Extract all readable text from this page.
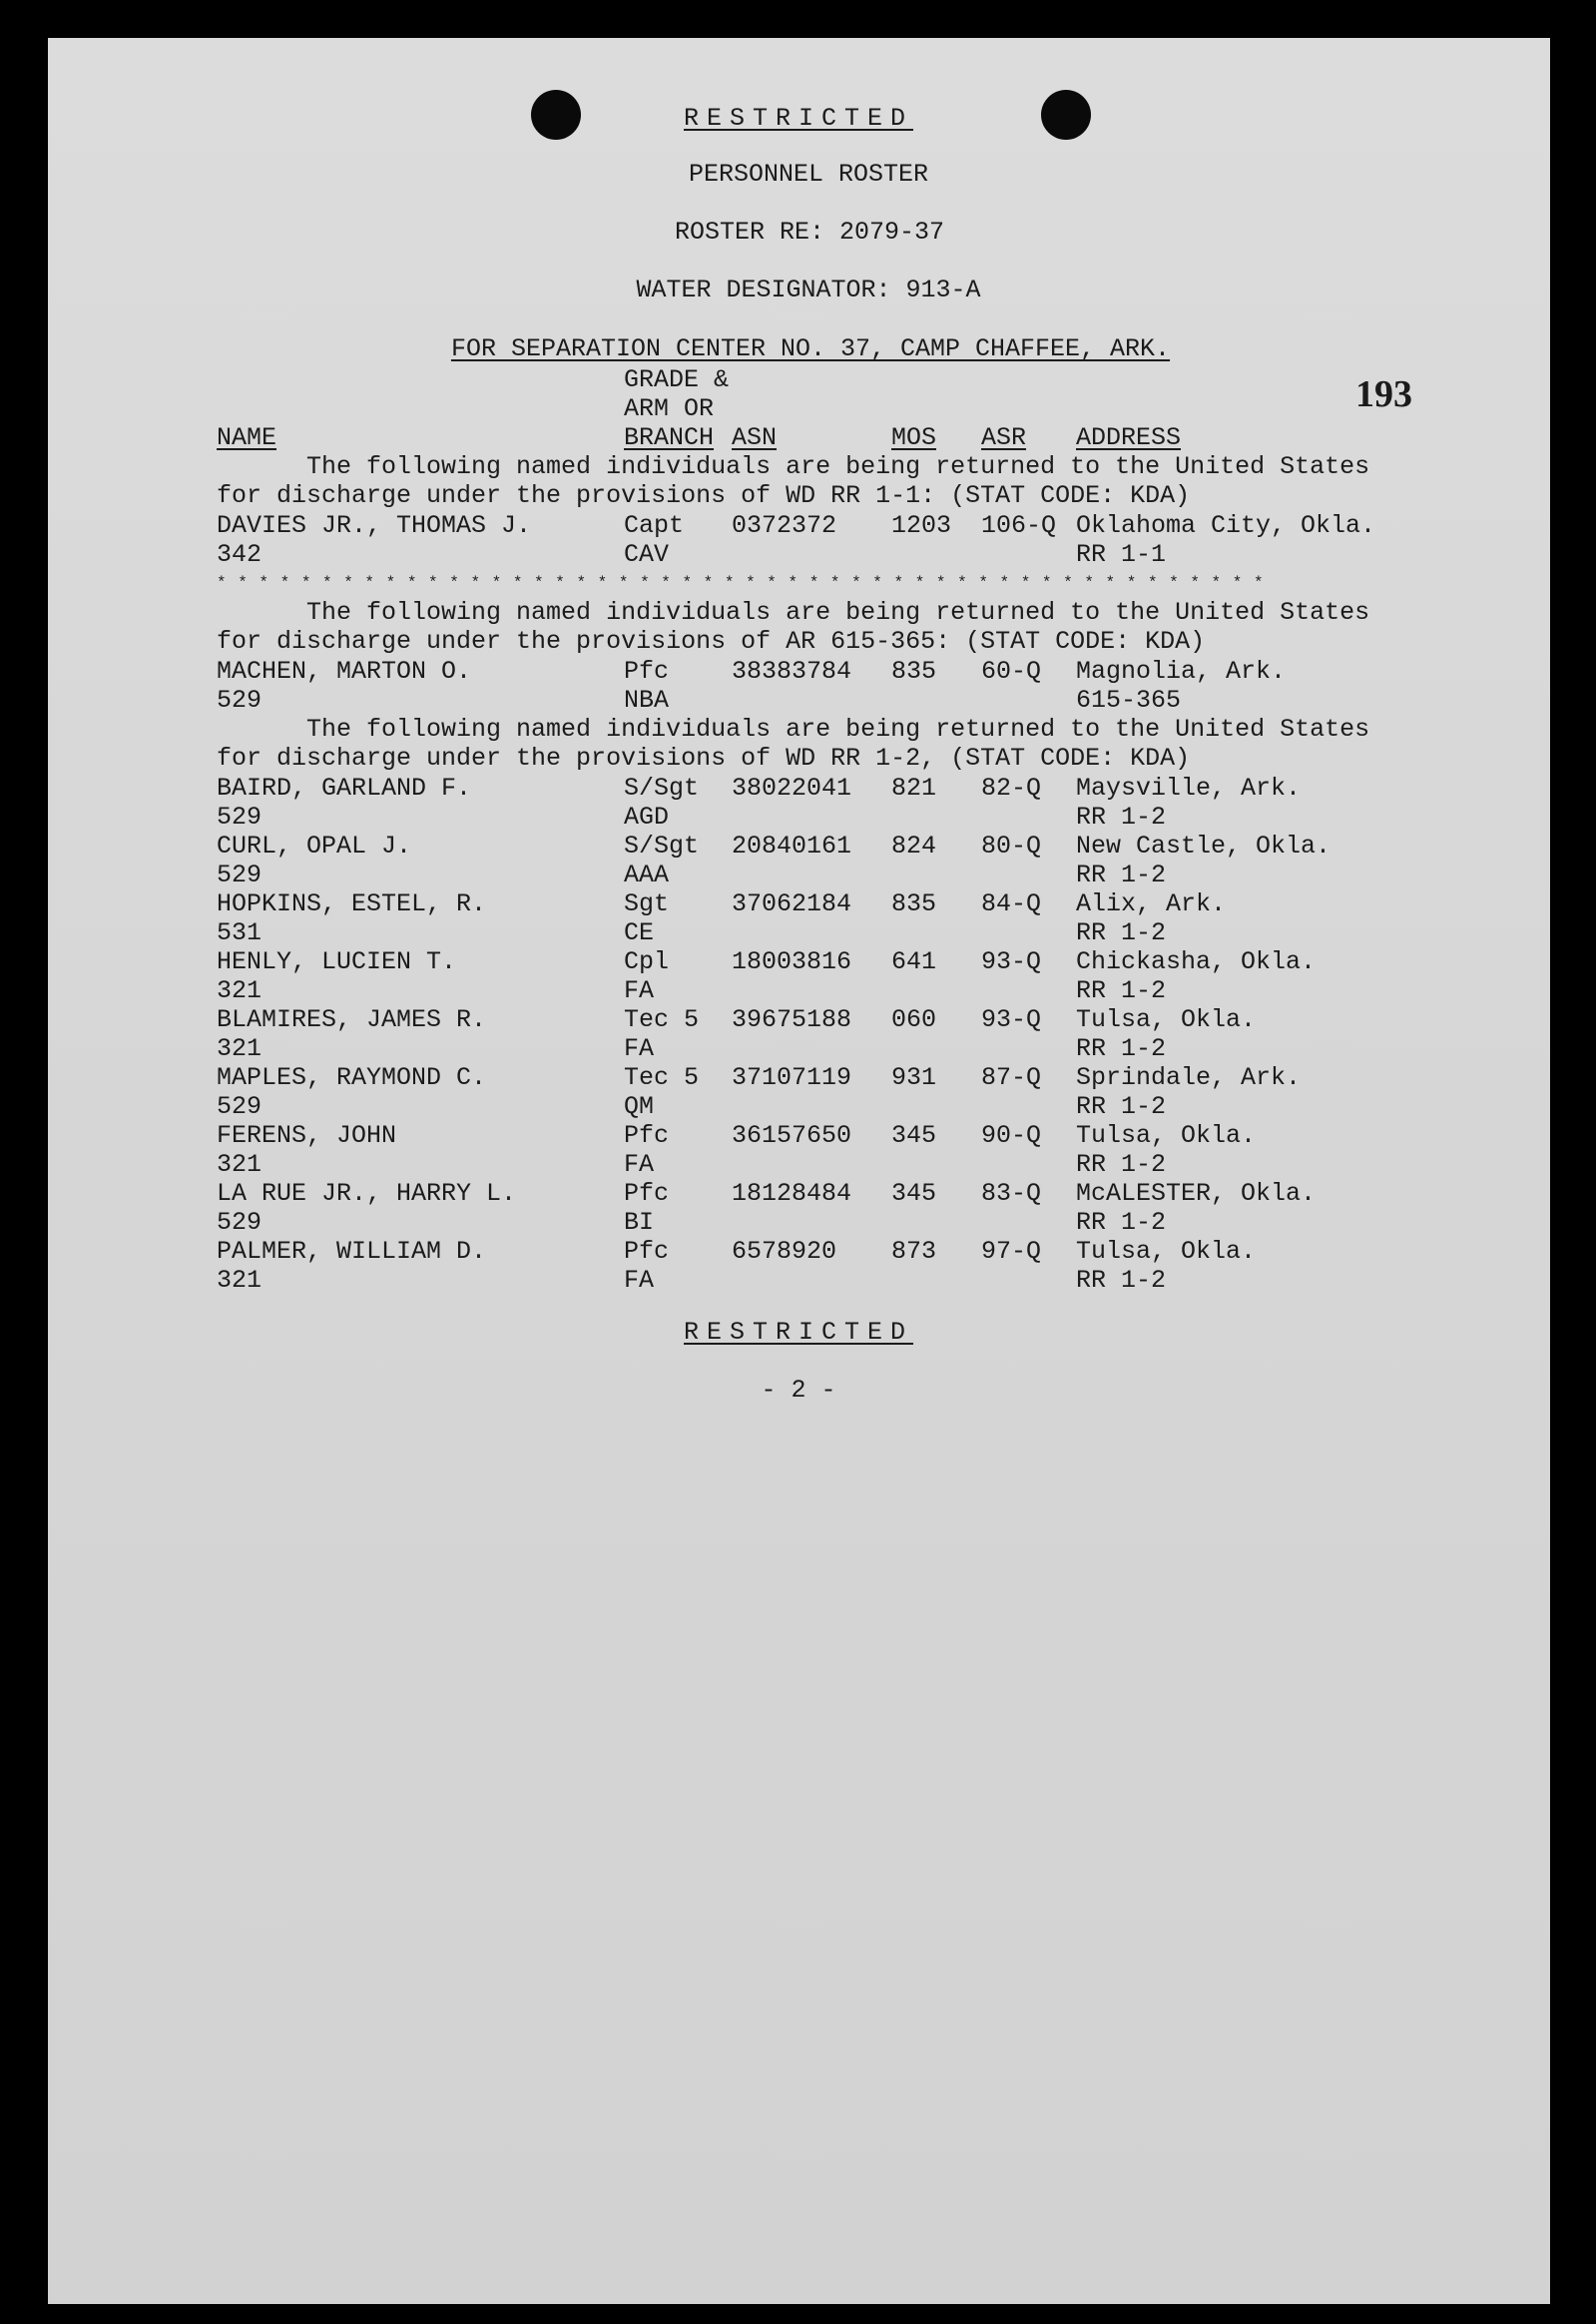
RESTRICTED
PERSONNEL ROSTER
ROSTER RE: 2079-37
WATER DESIGNATOR: 913-A
FOR SEPARATION CENTER NO. 37, CAMP CHAFFEE, ARK.
193
GRADE &
ARM OR
NAME	BRANCH ASN	MOS ASR ADDRESS
The following named individuals are being returned to the United States
for discharge under the provisions of WD RR 1-1: (STAT CODE: KDA)
* * * * * * * * * * * * * * * * * * * * * * * * * * * * * * * * * * * * * * * * * * * * * * * * * *
The following named individuals are being returned to the United States
for discharge under the provisions of AR 615-365: (STAT CODE: KDA)
The following named individuals are being returned to the United States
for discharge under the provisions of WD RR 1-2, (STAT CODE: KDA)
DAVIES JR., THOMAS J.	Capt 0372372 1203 106-Q Oklahoma City, Okla.
342	CAV	RR 1-1
MACHEN, MARTON O.	Pfc	38383784 835 60-Q Magnolia, Ark.
529	NBA	615-365
BAIRD, GARLAND F.	S/Sgt 38022041 821 82-Q Maysville, Ark.
529	AGD	RR 1-2
CURL, OPAL J.	S/Sgt 20840161 824 80-Q New Castle, Okla.
529	AAA	RR 1-2
HOPKINS, ESTEL, R.	Sgt	37062184 835 84-Q Alix, Ark.
531	CE	RR 1-2
HENLY, LUCIEN T.	Cpl	18003816 641 93-Q Chickasha, Okla.
321	FA	RR 1-2
BLAMIRES, JAMES R.	Tec 5 39675188 060 93-Q Tulsa, Okla.
321	FA	RR 1-2
MAPLES, RAYMOND C.	Tec 5 37107119 931 87-Q Sprindale, Ark.
529	QM	RR 1-2
FERENS, JOHN	Pfc	36157650 345 90-Q Tulsa, Okla.
321	FA	RR 1-2
LA RUE JR., HARRY L.	Pfc	18128484 345 83-Q McALESTER, Okla.
529	BI	RR 1-2
PALMER, WILLIAM D.	Pfc	6578920 873 97-Q Tulsa, Okla.
321	FA	RR 1-2
RESTRICTED
- 2 -
